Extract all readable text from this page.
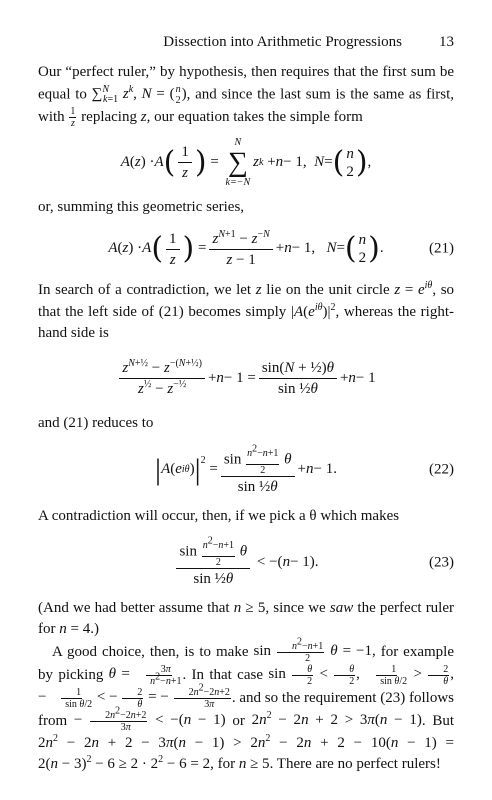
Dissection into Arithmetic Progressions 13

Our “perfect ruler,” by hypothesis, then requires that the first sum be equal to ∑$^N_{k=1}$ $z^k$, N = ( n
2 ), and since the last sum is the same as first, with $\frac{1}{z}$ replacing z, our equation takes the simple form

A ( z ) · A ( $\frac{1}{z}$ ) =
N
∑
k=−N
z k + n − 1, N = ( n
2 ) ,

or, summing this geometric series,

A ( z ) · A ( $\frac{1}{z}$ ) = $\frac{z^{N+1} - z^{-N}}{z - 1} + n - 1$, N = ( n
2 ) .	(21)

In search of a contradiction, we let z lie on the unit circle $z = e^{i\theta}$, so that the left side of (21) becomes simply $|A(e^{i\theta})|^2$, whereas the right-hand side is

$\frac{z^{N+\frac{1}{2}} - z^{-(N+\frac{1}{2})}}{z^{\frac{1}{2}} - z^{-\frac{1}{2}}} + n - 1 = \frac{\text{sin(N + ½)θ}}{\text{sin ½θ}} + n - 1$

and (21) reduces to

| A ( e iθ ) | 2
= $\frac{\sin \frac{n^2-n+1}{2} \theta}{\text{sin ½θ}} + n - 1$.	(22)

A contradiction will occur, then, if we pick a θ which makes

$\frac{\sin \frac{n^2-n+1}{2} \theta}{\text{sin ½θ}}$ < −( n − 1).	(23)

(And we had better assume that n ≥ 5, since we saw the perfect ruler for n = 4.)

A good choice, then, is to make $\sin \frac{n^2-n+1}{2}$ θ = −1, for example by picking $\theta = \frac{3\pi}{n^2-n+1}$ . In that case $\sin \frac{\theta}{2} < \frac{\theta}{2}$ , $\frac{1}{\text{sin θ/2}} > \frac{2}{\theta}$ , − $\frac{1}{\text{sin θ/2}}$ < − $\frac{2}{\theta}$ = − $\frac{2n^2-2n+2}{3\pi}$ . and so the requirement (23) follows from − $\frac{2n^2-2n+2}{3\pi} < -(n - 1)$ or $2n^2 - 2n + 2 > 3\pi(n - 1)$. But $2n^2 - 2n + 2 - 3\pi(n - 1) > 2n^2 - 2n + 2 - 10(n - 1) = 2(n - 3)^2 - 6 \ge 2 \cdot 2^2 - 6 = 2$, for n ≥ 5. There are no perfect rulers!
